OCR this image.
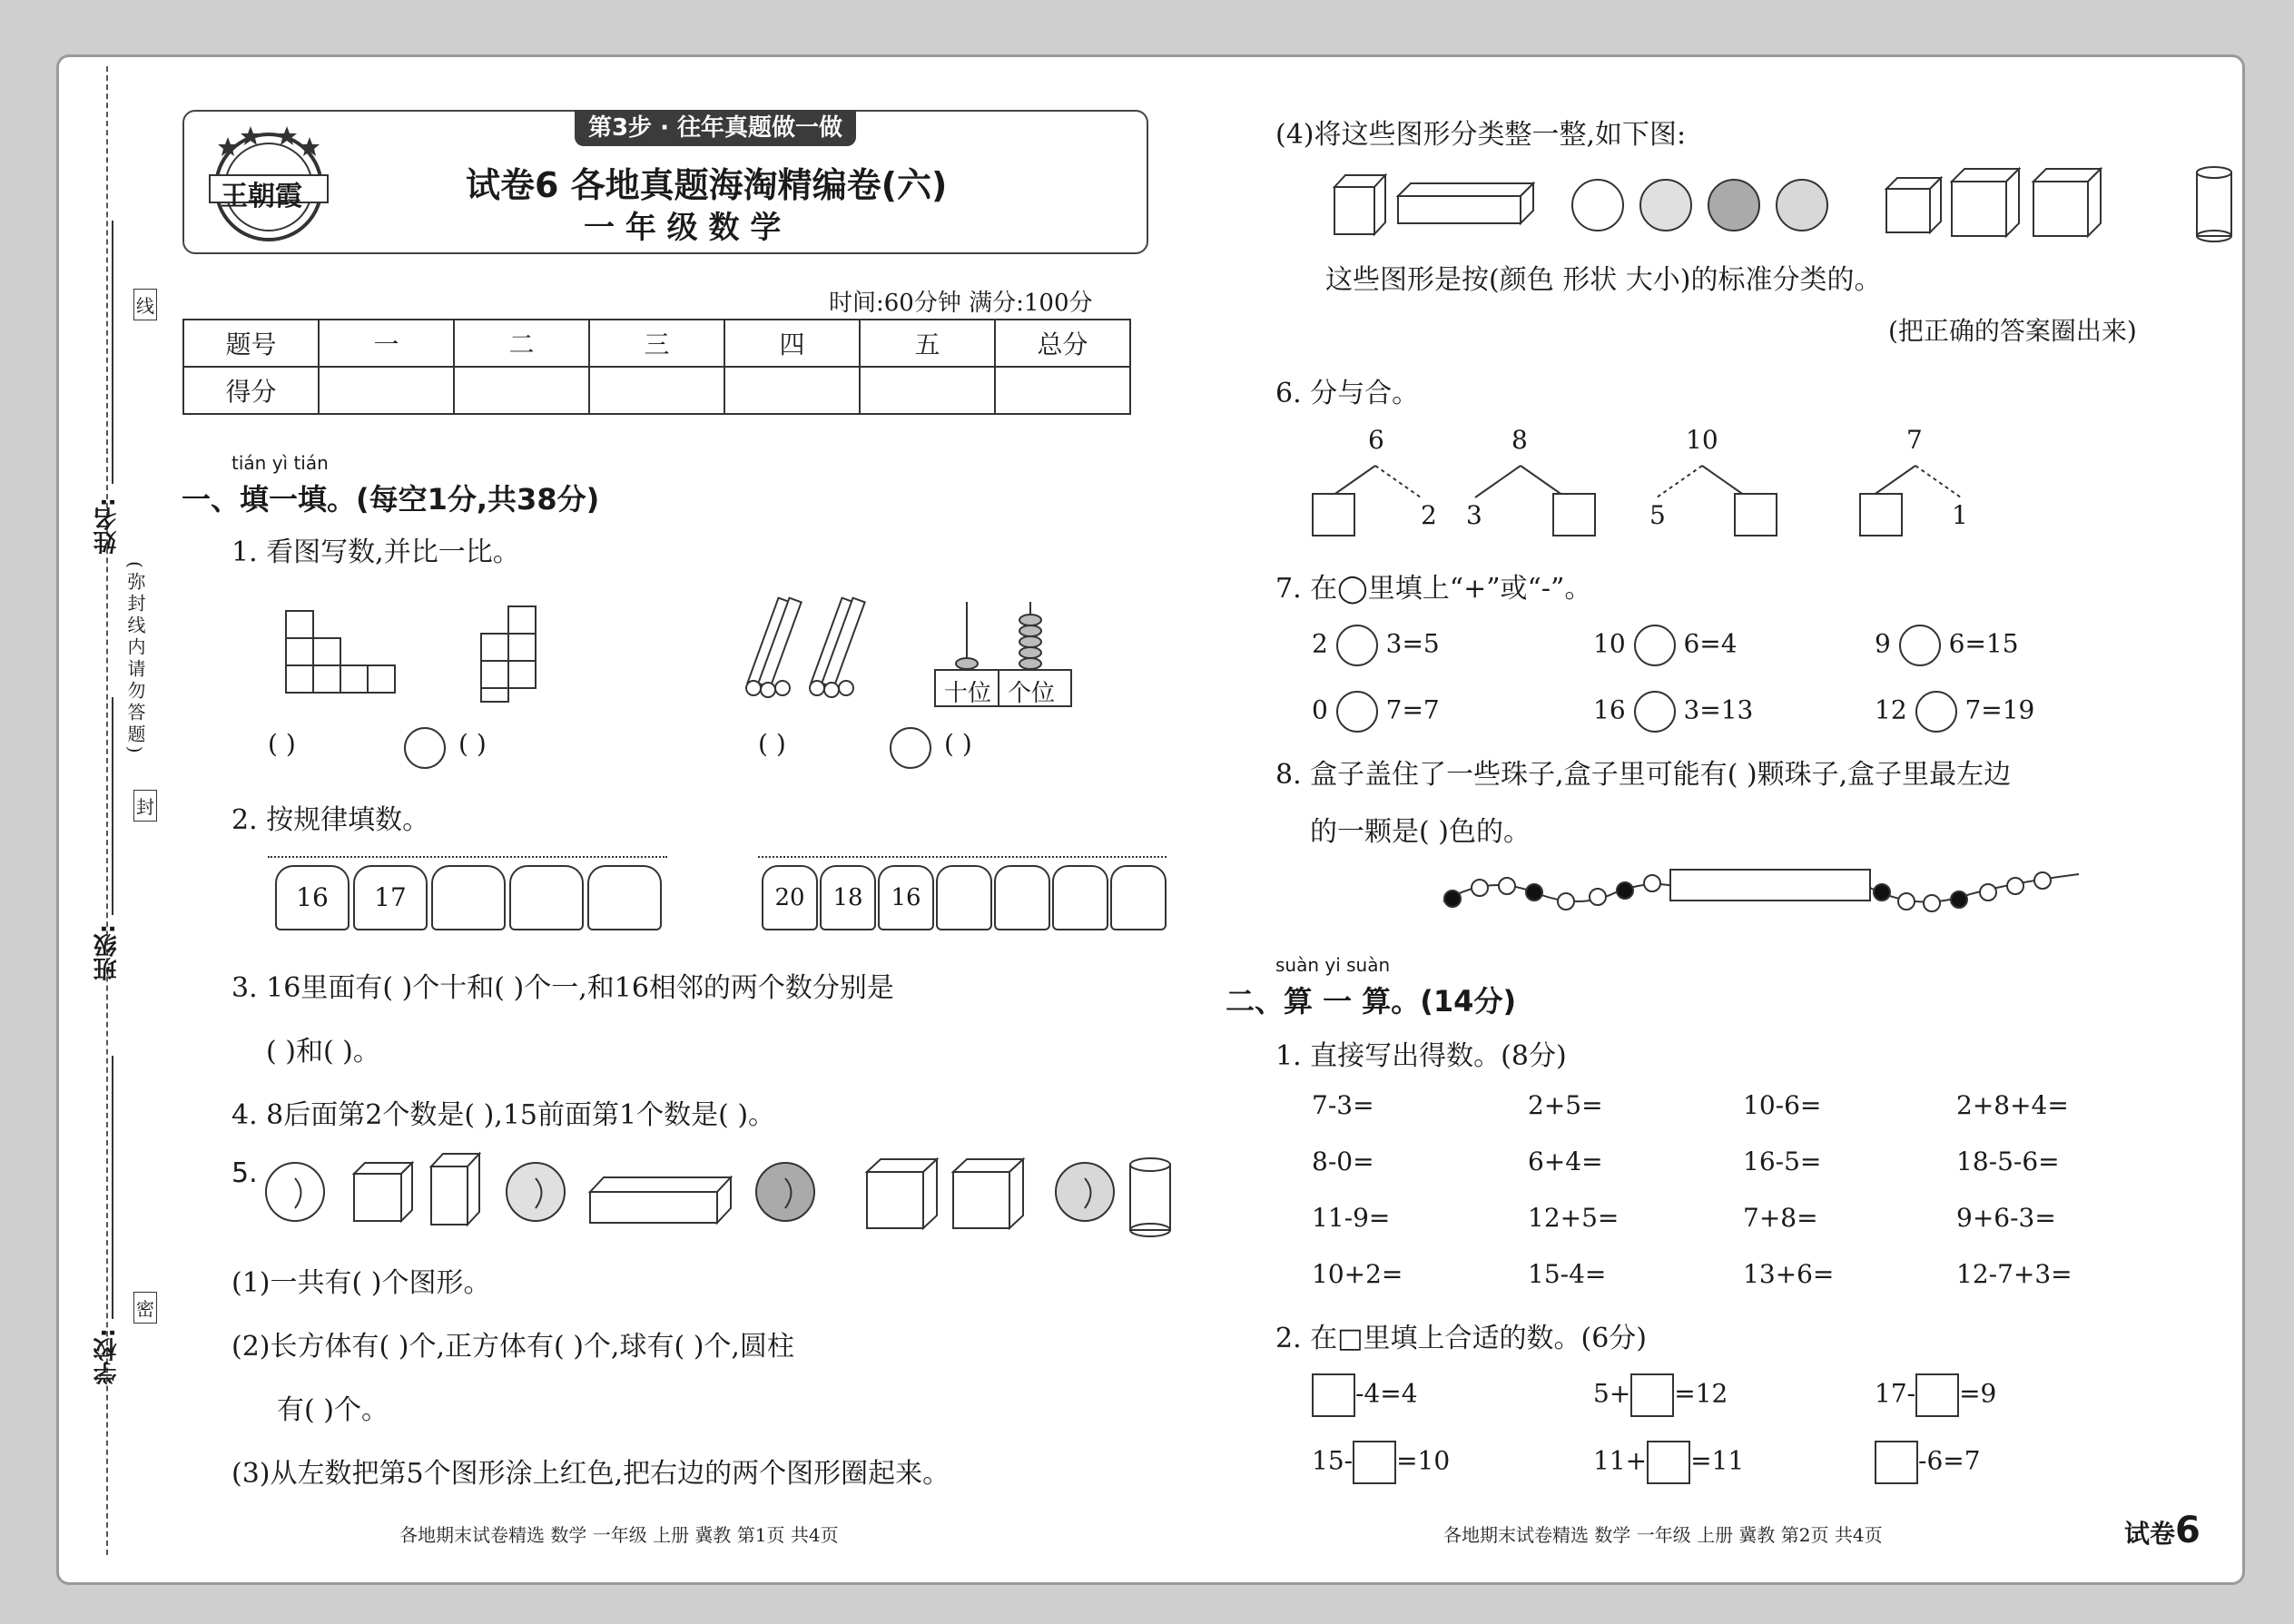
姓名:
班级:
学校:
线
(弥封线内请勿答题)
封
密
第3步 · 往年真题做一做
王朝霞	试卷6 各地真题海淘精编卷(六)
一 年 级 数 学
时间:60分钟 满分:100分
题号	一	二	三	四	五	总分
得分						
tián yì tián
一、填一填。(每空1分,共38分)
1. 看图写数,并比一比。
( )	( )
十位 个位
( )	( )
2. 按规律填数。
16	17	20	18	16
3. 16里面有( )个十和( )个一,和16相邻的两个数分别是
( )和( )。
4. 8后面第2个数是( ),15前面第1个数是( )。
5.
(1)一共有( )个图形。
(2)长方体有( )个,正方体有( )个,球有( )个,圆柱
有( )个。
(3)从左数把第5个图形涂上红色,把右边的两个图形圈起来。
各地期末试卷精选 数学 一年级 上册 冀教 第1页 共4页
(4)将这些图形分类整一整,如下图:
这些图形是按(颜色 形状 大小)的标准分类的。
(把正确的答案圈出来)
6. 分与合。
6
2
8
3
10
5
7
1
7. 在◯里填上“+”或“-”。
2 3=5	10 6=4	9 6=15
0 7=7	16 3=13	12 7=19
8. 盒子盖住了一些珠子,盒子里可能有( )颗珠子,盒子里最左边
的一颗是( )色的。
suàn yi suàn
二、算 一 算。(14分)
1. 直接写出得数。(8分)
7-3=	2+5=	10-6=	2+8+4=
8-0=	6+4=	16-5=	18-5-6=
11-9=	12+5=	7+8=	9+6-3=
10+2=	15-4=	13+6=	12-7+3=
2. 在□里填上合适的数。(6分)
-4=4	5+ =12	17- =9
15- =10	11+ =11	-6=7
各地期末试卷精选 数学 一年级 上册 冀教 第2页 共4页	试卷6
